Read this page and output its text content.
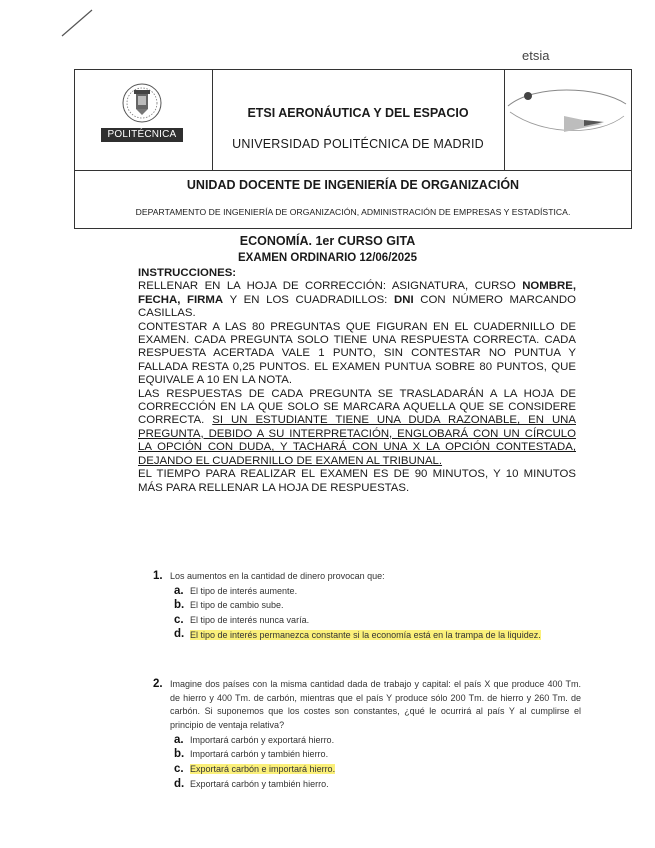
POLITÉCNICA
ETSI AERONÁUTICA Y DEL ESPACIO
UNIVERSIDAD POLITÉCNICA DE MADRID
UNIDAD DOCENTE DE INGENIERÍA DE ORGANIZACIÓN
DEPARTAMENTO DE INGENIERÍA DE ORGANIZACIÓN, ADMINISTRACIÓN DE EMPRESAS Y ESTADÍSTICA.
etsia
ECONOMÍA. 1er CURSO GITA
EXAMEN ORDINARIO 12/06/2025
INSTRUCCIONES:
RELLENAR EN LA HOJA DE CORRECCIÓN: ASIGNATURA, CURSO NOMBRE, FECHA, FIRMA Y EN LOS CUADRADILLOS: DNI CON NÚMERO MARCANDO CASILLAS.
CONTESTAR A LAS 80 PREGUNTAS QUE FIGURAN EN EL CUADERNILLO DE EXAMEN. CADA PREGUNTA SOLO TIENE UNA RESPUESTA CORRECTA. CADA RESPUESTA ACERTADA VALE 1 PUNTO, SIN CONTESTAR NO PUNTUA Y FALLADA RESTA 0,25 PUNTOS. EL EXAMEN PUNTUA SOBRE 80 PUNTOS, QUE EQUIVALE A 10 EN LA NOTA.
LAS RESPUESTAS DE CADA PREGUNTA SE TRASLADARÁN A LA HOJA DE CORRECCIÓN EN LA QUE SOLO SE MARCARA AQUELLA QUE SE CONSIDERE CORRECTA. SI UN ESTUDIANTE TIENE UNA DUDA RAZONABLE, EN UNA PREGUNTA, DEBIDO A SU INTERPRETACIÓN, ENGLOBARÁ CON UN CÍRCULO LA OPCIÓN CON DUDA, Y TACHARÁ CON UNA X LA OPCIÓN CONTESTADA, DEJANDO EL CUADERNILLO DE EXAMEN AL TRIBUNAL.
EL TIEMPO PARA REALIZAR EL EXAMEN ES DE 90 MINUTOS, Y 10 MINUTOS MÁS PARA RELLENAR LA HOJA DE RESPUESTAS.
1. Los aumentos en la cantidad de dinero provocan que:
a. El tipo de interés aumente.
b. El tipo de cambio sube.
c. El tipo de interés nunca varía.
d. El tipo de interés permanezca constante si la economía está en la trampa de la liquidez.
2. Imagine dos países con la misma cantidad dada de trabajo y capital: el país X que produce 400 Tm. de hierro y 400 Tm. de carbón, mientras que el país Y produce sólo 200 Tm. de hierro y 260 Tm. de carbón. Si suponemos que los costes son constantes, ¿qué le ocurrirá al país Y al cumplirse el principio de ventaja relativa?
a. Importará carbón y exportará hierro.
b. Importará carbón y también hierro.
c. Exportará carbón e importará hierro.
d. Exportará carbón y también hierro.
